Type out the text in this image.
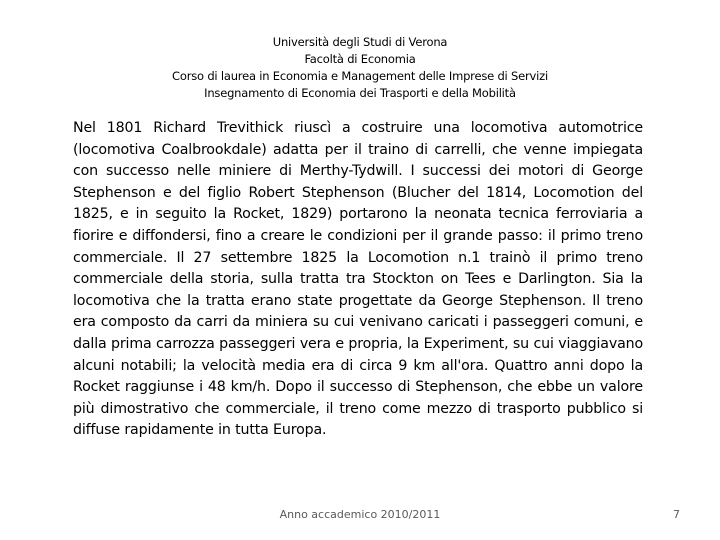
Università degli Studi di Verona
Facoltà di Economia
Corso di laurea in Economia e Management delle Imprese di Servizi
Insegnamento di Economia dei Trasporti e della Mobilità

Nel 1801 Richard Trevithick riuscì a costruire una locomotiva automotrice (locomotiva Coalbrookdale) adatta per il traino di carrelli, che venne impiegata con successo nelle miniere di Merthy-Tydwill. I successi dei motori di George Stephenson e del figlio Robert Stephenson (Blucher del 1814, Locomotion del 1825, e in seguito la Rocket, 1829) portarono la neonata tecnica ferroviaria a fiorire e diffondersi, fino a creare le condizioni per il grande passo: il primo treno commerciale. Il 27 settembre 1825 la Locomotion n.1 trainò il primo treno commerciale della storia, sulla tratta tra Stockton on Tees e Darlington. Sia la locomotiva che la tratta erano state progettate da George Stephenson. Il treno era composto da carri da miniera su cui venivano caricati i passeggeri comuni, e dalla prima carrozza passeggeri vera e propria, la Experiment, su cui viaggiavano alcuni notabili; la velocità media era di circa 9 km all'ora. Quattro anni dopo la Rocket raggiunse i 48 km/h. Dopo il successo di Stephenson, che ebbe un valore più dimostrativo che commerciale, il treno come mezzo di trasporto pubblico si diffuse rapidamente in tutta Europa.

Anno accademico 2010/2011	7
